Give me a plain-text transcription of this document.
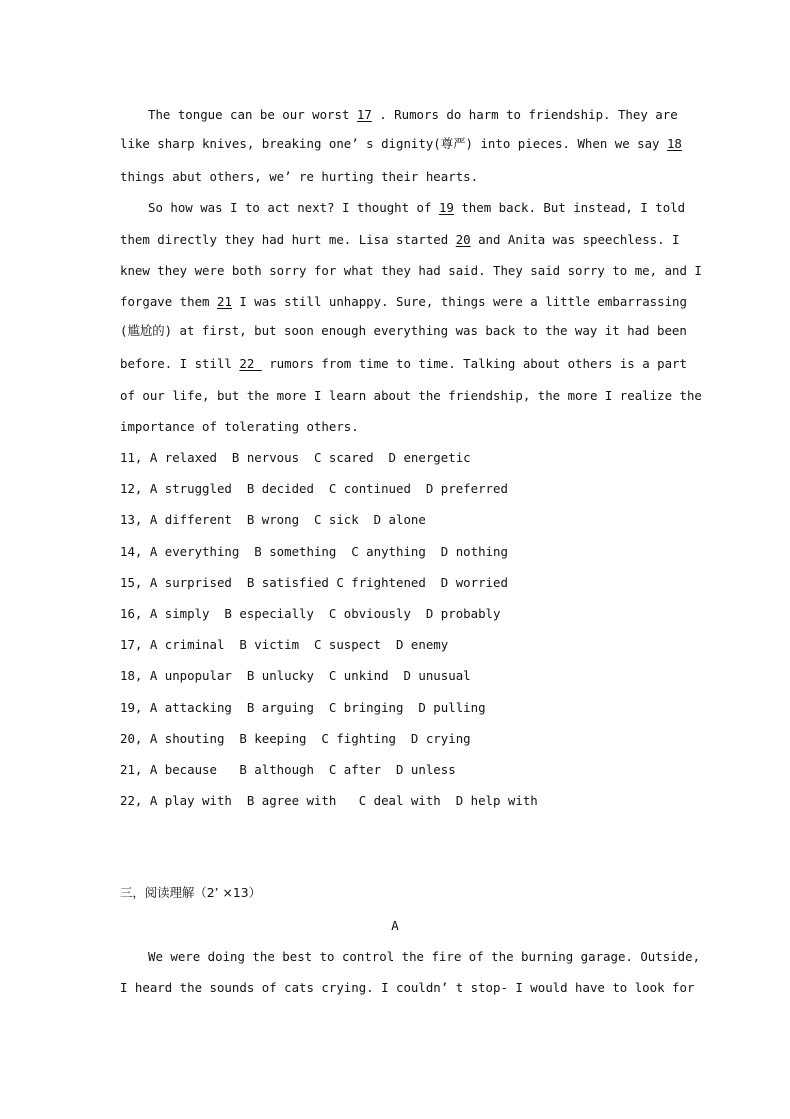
The tongue can be our worst 17 . Rumors do harm to friendship. They are
like sharp knives, breaking one’ s dignity(尊严) into pieces. When we say 18
things abut others, we’ re hurting their hearts.
So how was I to act next? I thought of 19 them back. But instead, I told
them directly they had hurt me. Lisa started 20 and Anita was speechless. I
knew they were both sorry for what they had said. They said sorry to me, and I
forgave them 21 I was still unhappy. Sure, things were a little embarrassing
(尴尬的) at first, but soon enough everything was back to the way it had been
before. I still 22  rumors from time to time. Talking about others is a part
of our life, but the more I learn about the friendship, the more I realize the
importance of tolerating others.
11, A relaxed  B nervous  C scared  D energetic
12, A struggled  B decided  C continued  D preferred
13, A different  B wrong  C sick  D alone
14, A everything  B something  C anything  D nothing
15, A surprised  B satisfied C frightened  D worried
16, A simply  B especially  C obviously  D probably
17, A criminal  B victim  C suspect  D enemy
18, A unpopular  B unlucky  C unkind  D unusual
19, A attacking  B arguing  C bringing  D pulling
20, A shouting  B keeping  C fighting  D crying
21, A because   B although  C after  D unless
22, A play with  B agree with   C deal with  D help with
三，阅读理解（2’ ×13）
A
We were doing the best to control the fire of the burning garage. Outside,
I heard the sounds of cats crying. I couldn’ t stop- I would have to look for
